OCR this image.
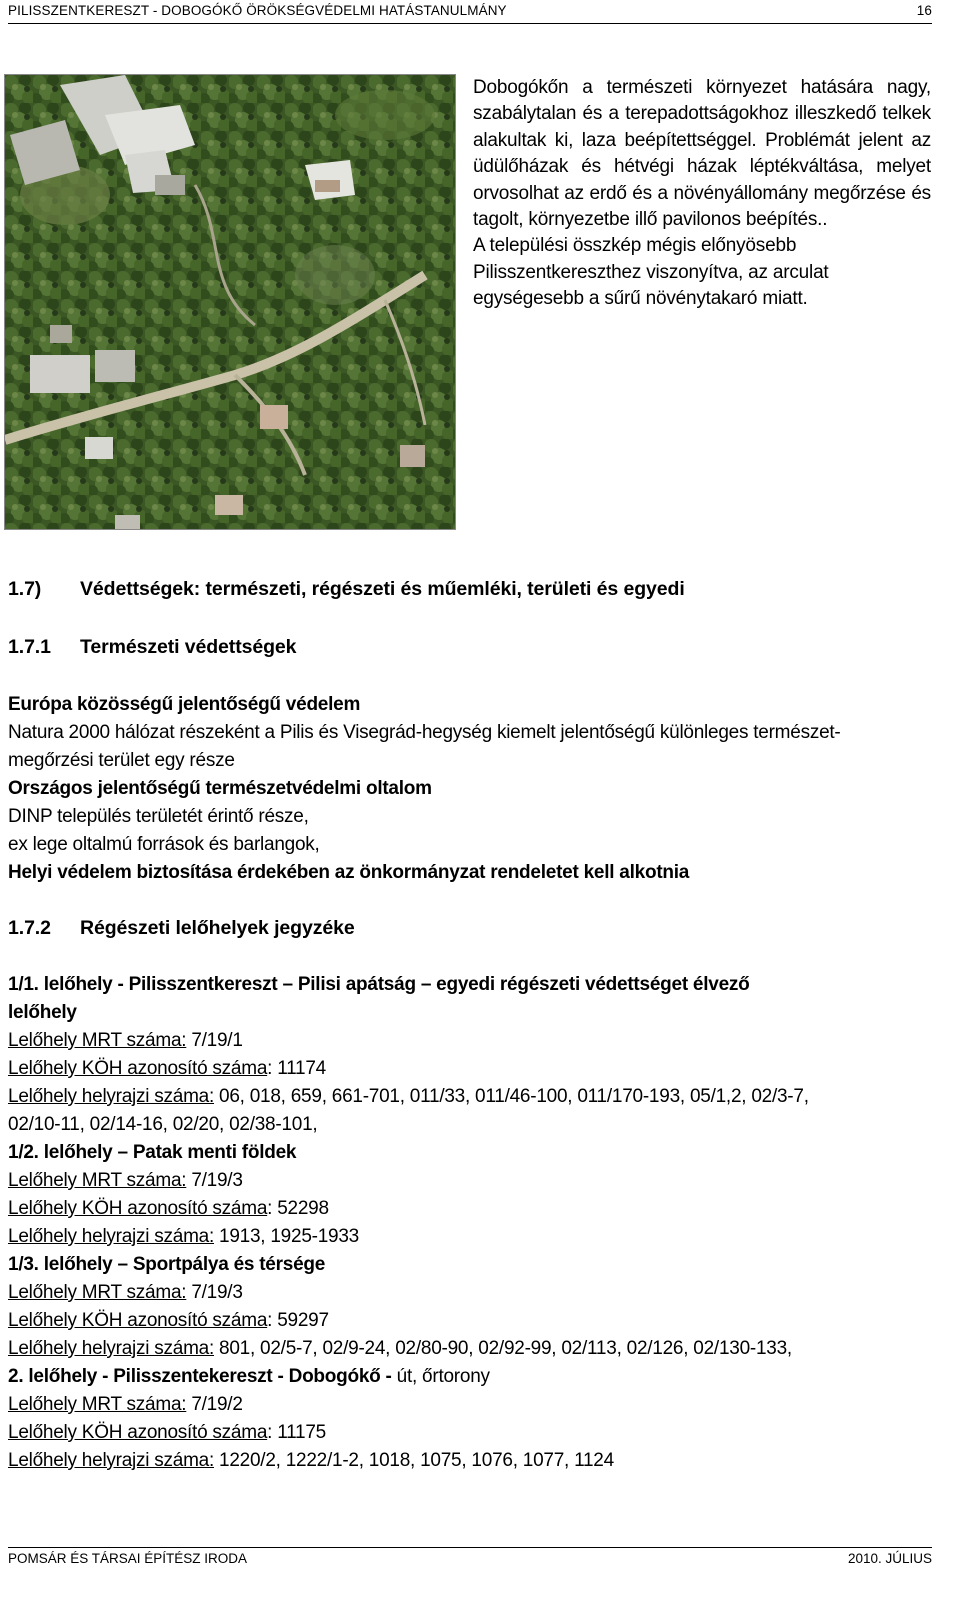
PILISSZENTKERESZT - DOBOGÓKŐ ÖRÖKSÉGVÉDELMI HATÁSTANULMÁNY	16

Dobogókőn a természeti környezet hatására nagy, szabálytalan és a terepadottságokhoz illeszkedő telkek alakultak ki, laza beépítettséggel. Problémát jelent az üdülőházak és hétvégi házak léptékváltása, melyet orvosolhat az erdő és a növényállomány megőrzése és tagolt, környezetbe illő pavilonos beépítés..

A települési összkép mégis előnyösebb Pilisszentkereszthez viszonyítva, az arculat egységesebb a sűrű növénytakaró miatt.

1.7) Védettségek: természeti, régészeti és műemléki, területi és egyedi
1.7.1 Természeti védettségek
Európa közösségű jelentőségű védelem
Natura 2000 hálózat részeként a Pilis és Visegrád-hegység kiemelt jelentőségű különleges természet-
megőrzési terület egy része
Országos jelentőségű természetvédelmi oltalom
DINP település területét érintő része,
ex lege oltalmú források és barlangok,
Helyi védelem biztosítása érdekében az önkormányzat rendeletet kell alkotnia
1.7.2 Régészeti lelőhelyek jegyzéke
1/1. lelőhely - Pilisszentkereszt – Pilisi apátság – egyedi régészeti védettséget élvező
lelőhely
Lelőhely MRT száma: 7/19/1
Lelőhely KÖH azonosító száma: 11174
Lelőhely helyrajzi száma: 06, 018, 659, 661-701, 011/33, 011/46-100, 011/170-193, 05/1,2, 02/3-7,
02/10-11, 02/14-16, 02/20, 02/38-101,
1/2. lelőhely – Patak menti földek
Lelőhely MRT száma: 7/19/3
Lelőhely KÖH azonosító száma: 52298
Lelőhely helyrajzi száma: 1913, 1925-1933
1/3. lelőhely – Sportpálya és térsége
Lelőhely MRT száma: 7/19/3
Lelőhely KÖH azonosító száma: 59297
Lelőhely helyrajzi száma: 801, 02/5-7, 02/9-24, 02/80-90, 02/92-99, 02/113, 02/126, 02/130-133,
2. lelőhely - Pilisszentekereszt - Dobogókő - út, őrtorony
Lelőhely MRT száma: 7/19/2
Lelőhely KÖH azonosító száma: 11175
Lelőhely helyrajzi száma: 1220/2, 1222/1-2, 1018, 1075, 1076, 1077, 1124
POMSÁR ÉS TÁRSAI ÉPÍTÉSZ IRODA	2010. JÚLIUS
